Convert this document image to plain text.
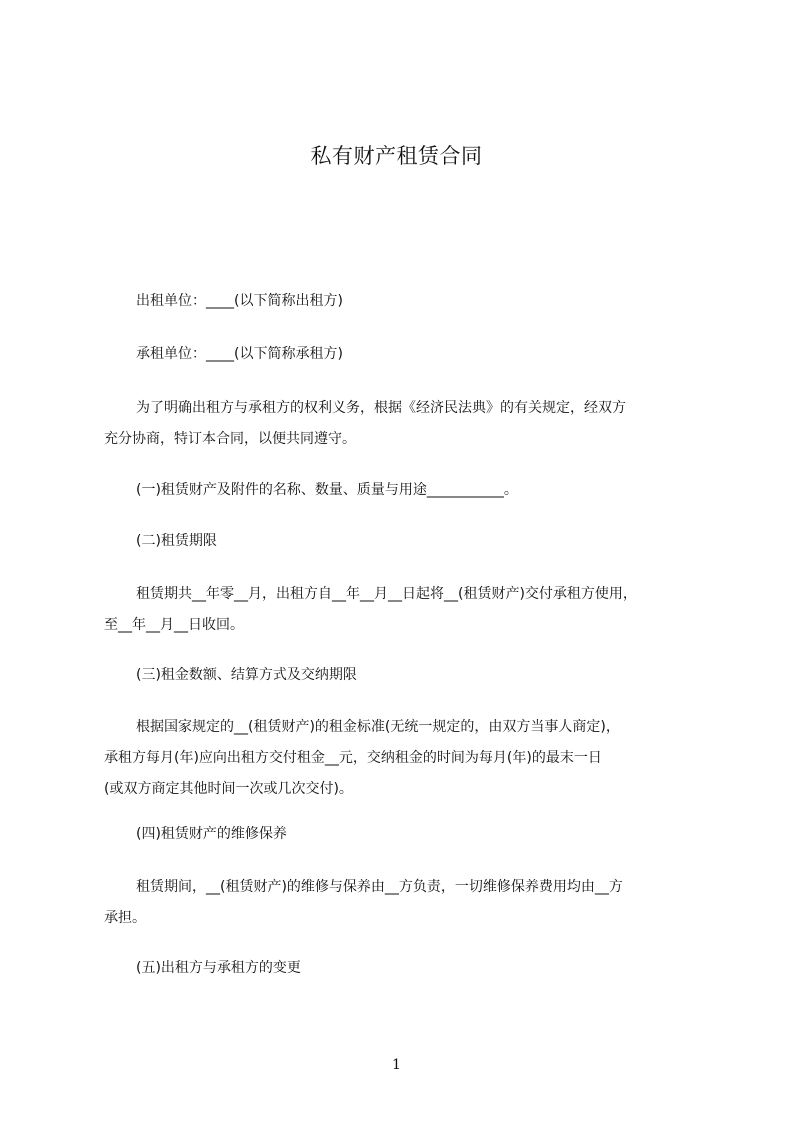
私有财产租赁合同
出租单位：____(以下简称出租方)
承租单位：____(以下简称承租方)
为了明确出租方与承租方的权利义务，根据《经济民法典》的有关规定，经双方
充分协商，特订本合同，以便共同遵守。
(一)租赁财产及附件的名称、数量、质量与用途___________。
(二)租赁期限
租赁期共__年零__月，出租方自__年__月__日起将__(租赁财产)交付承租方使用，
至__年__月__日收回。
(三)租金数额、结算方式及交纳期限
根据国家规定的__(租赁财产)的租金标准(无统一规定的，由双方当事人商定)，
承租方每月(年)应向出租方交付租金__元，交纳租金的时间为每月(年)的最末一日
(或双方商定其他时间一次或几次交付)。
(四)租赁财产的维修保养
租赁期间，__(租赁财产)的维修与保养由__方负责，一切维修保养费用均由__方
承担。
(五)出租方与承租方的变更
1
